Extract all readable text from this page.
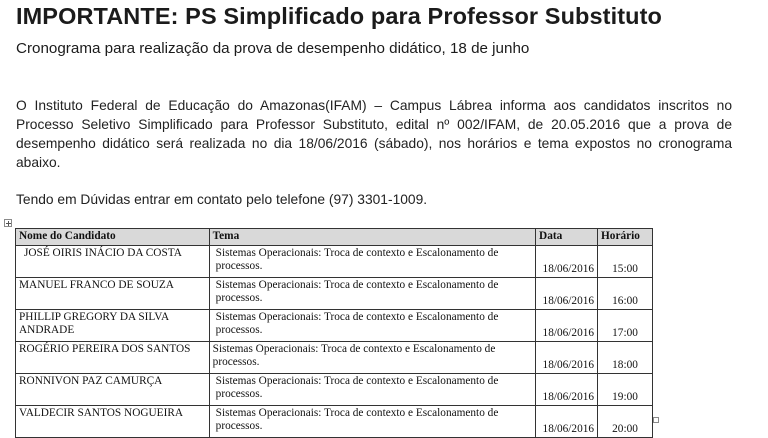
IMPORTANTE: PS Simplificado para Professor Substituto
Cronograma para realização da prova de desempenho didático, 18 de junho
O Instituto Federal de Educação do Amazonas(IFAM) – Campus Lábrea informa aos candidatos inscritos no Processo Seletivo Simplificado para Professor Substituto, edital nº 002/IFAM, de 20.05.2016 que a prova de desempenho didático será realizada no dia 18/06/2016 (sábado), nos horários e tema expostos no cronograma abaixo.
Tendo em Dúvidas entrar em contato pelo telefone (97) 3301-1009.
Nome do Candidato	Tema	Data	Horário
JOSÉ OIRIS INÁCIO DA COSTA	Sistemas Operacionais: Troca de contexto e Escalonamento de processos.	18/06/2016	15:00
MANUEL FRANCO DE SOUZA	Sistemas Operacionais: Troca de contexto e Escalonamento de processos.	18/06/2016	16:00
PHILLIP GREGORY DA SILVA ANDRADE	Sistemas Operacionais: Troca de contexto e Escalonamento de processos.	18/06/2016	17:00
ROGÉRIO PEREIRA DOS SANTOS	Sistemas Operacionais: Troca de contexto e Escalonamento de processos.	18/06/2016	18:00
RONNIVON PAZ CAMURÇA	Sistemas Operacionais: Troca de contexto e Escalonamento de processos.	18/06/2016	19:00
VALDECIR SANTOS NOGUEIRA	Sistemas Operacionais: Troca de contexto e Escalonamento de processos.	18/06/2016	20:00
